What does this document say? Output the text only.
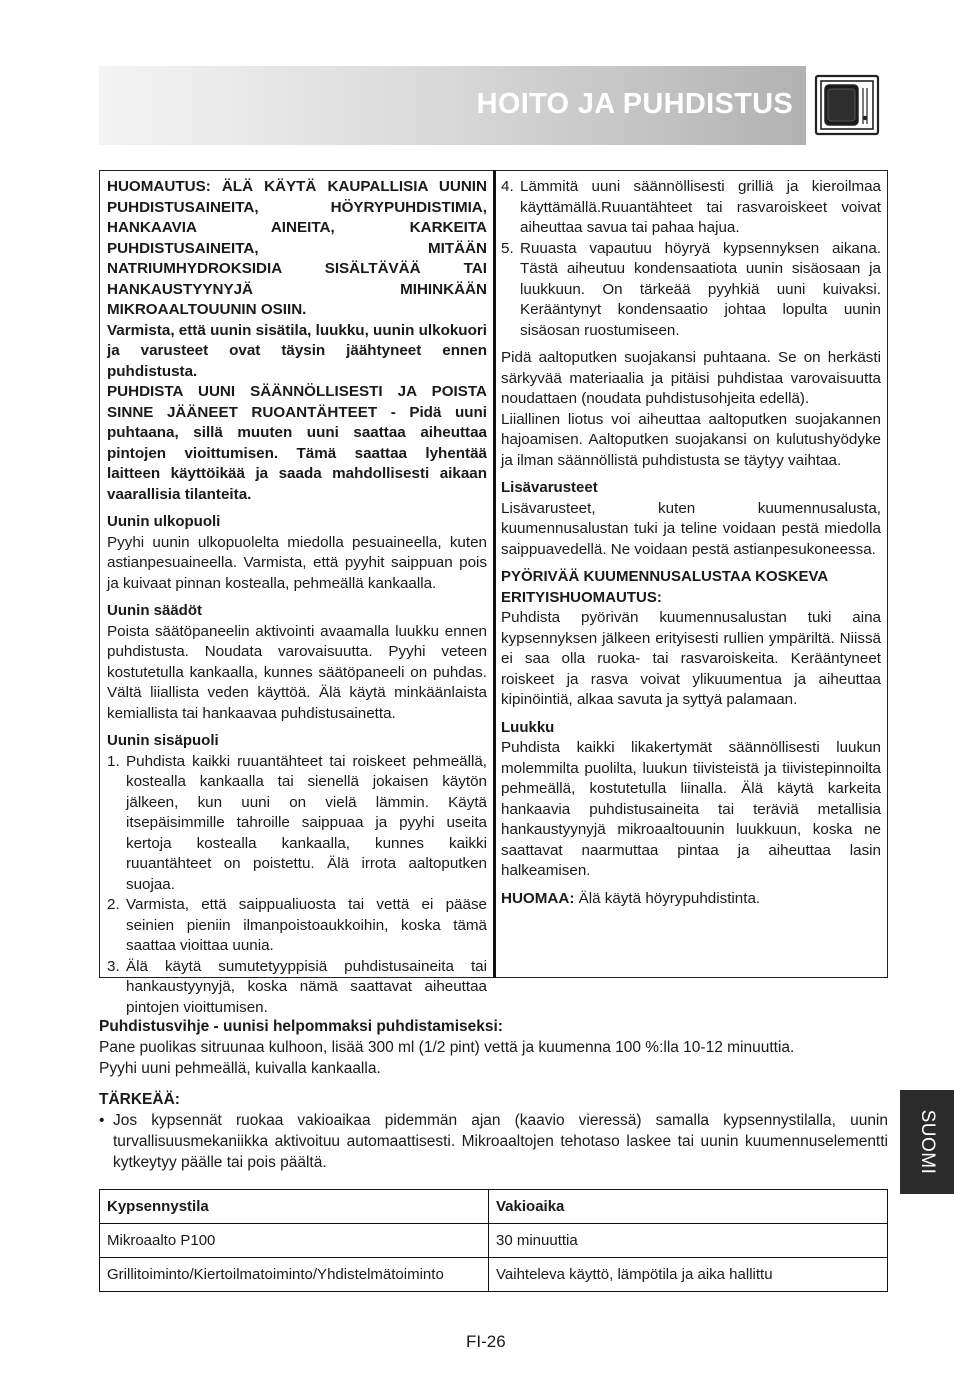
HOITO JA PUHDISTUS

HUOMAUTUS: ÄLÄ KÄYTÄ KAUPALLISIA UUNIN PUHDISTUSAINEITA, HÖYRYPUHDISTIMIA, HANKAAVIA AINEITA, KARKEITA PUHDISTUSAINEITA, MITÄÄN NATRIUMHYDROKSIDIA SISÄLTÄVÄÄ TAI HANKAUSTYYNYJÄ MIHINKÄÄN MIKROAALTOUUNIN OSIIN.

Varmista, että uunin sisätila, luukku, uunin ulkokuori ja varusteet ovat täysin jäähtyneet ennen puhdistusta.

PUHDISTA UUNI SÄÄNNÖLLISESTI JA POISTA SINNE JÄÄNEET RUOANTÄHTEET - Pidä uuni puhtaana, sillä muuten uuni saattaa aiheuttaa pintojen vioittumisen. Tämä saattaa lyhentää laitteen käyttöikää ja saada mahdollisesti aikaan vaarallisia tilanteita.

Uunin ulkopuoli

Pyyhi uunin ulkopuolelta miedolla pesuaineella, kuten astianpesuaineella. Varmista, että pyyhit saippuan pois ja kuivaat pinnan kostealla, pehmeällä kankaalla.

Uunin säädöt

Poista säätöpaneelin aktivointi avaamalla luukku ennen puhdistusta. Noudata varovaisuutta. Pyyhi veteen kostutetulla kankaalla, kunnes säätöpaneeli on puhdas. Vältä liiallista veden käyttöä. Älä käytä minkäänlaista kemiallista tai hankaavaa puhdistusainetta.

Uunin sisäpuoli
1. Puhdista kaikki ruuantähteet tai roiskeet pehmeällä, kostealla kankaalla tai sienellä jokaisen käytön jälkeen, kun uuni on vielä lämmin. Käytä itsepäisimmille tahroille saippuaa ja pyyhi useita kertoja kostealla kankaalla, kunnes kaikki ruuantähteet on poistettu. Älä irrota aaltoputken suojaa.
2. Varmista, että saippualiuosta tai vettä ei pääse seinien pieniin ilmanpoistoaukkoihin, koska tämä saattaa vioittaa uunia.
3. Älä käytä sumutetyyppisiä puhdistusaineita tai hankaustyynyjä, koska nämä saattavat aiheuttaa pintojen vioittumisen.
4. Lämmitä uuni säännöllisesti grilliä ja kieroilmaa käyttämällä.Ruuantähteet tai rasvaroiskeet voivat aiheuttaa savua tai pahaa hajua.
5. Ruuasta vapautuu höyryä kypsennyksen aikana. Tästä aiheutuu kondensaatiota uunin sisäosaan ja luukkuun. On tärkeää pyyhkiä uuni kuivaksi. Kerääntynyt kondensaatio johtaa lopulta uunin sisäosan ruostumiseen.

Pidä aaltoputken suojakansi puhtaana. Se on herkästi särkyvää materiaalia ja pitäisi puhdistaa varovaisuutta noudattaen (noudata puhdistusohjeita edellä).

Liiallinen liotus voi aiheuttaa aaltoputken suojakannen hajoamisen. Aaltoputken suojakansi on kulutushyödyke ja ilman säännöllistä puhdistusta se täytyy vaihtaa.

Lisävarusteet

Lisävarusteet, kuten kuumennusalusta, kuumennusalustan tuki ja teline voidaan pestä miedolla saippuavedellä. Ne voidaan pestä astianpesukoneessa.

PYÖRIVÄÄ KUUMENNUSALUSTAA KOSKEVA ERITYISHUOMAUTUS:

Puhdista pyörivän kuumennusalustan tuki aina kypsennyksen jälkeen erityisesti rullien ympäriltä. Niissä ei saa olla ruoka- tai rasvaroiskeita. Kerääntyneet roiskeet ja rasva voivat ylikuumentua ja aiheuttaa kipinöintiä, alkaa savuta ja syttyä palamaan.

Luukku

Puhdista kaikki likakertymät säännöllisesti luukun molemmilta puolilta, luukun tiivisteistä ja tiivistepinnoilta pehmeällä, kostutetulla liinalla. Älä käytä karkeita hankaavia puhdistusaineita tai teräviä metallisia hankaustyynyjä mikroaaltouunin luukkuun, koska ne saattavat naarmuttaa pintaa ja aiheuttaa lasin halkeamisen.

HUOMAA: Älä käytä höyrypuhdistinta.

Puhdistusvihje - uunisi helpommaksi puhdistamiseksi:
Pane puolikas sitruunaa kulhoon, lisää 300 ml (1/2 pint) vettä ja kuumenna 100 %:lla 10-12 minuuttia.
Pyyhi uuni pehmeällä, kuivalla kankaalla.
TÄRKEÄÄ:
• Jos kypsennät ruokaa vakioaikaa pidemmän ajan (kaavio vieressä) samalla kypsennystilalla, uunin turvallisuusmekaniikka aktivoituu automaattisesti. Mikroaaltojen tehotaso laskee tai uunin kuumennuselementti kytkeytyy päälle tai pois päältä.
Kypsennystila	Vakioaika
Mikroaalto P100	30 minuuttia
Grillitoiminto/Kiertoilmatoiminto/Yhdistelmätoiminto	Vaihteleva käyttö, lämpötila ja aika hallittu
FI-26
SUOMI
